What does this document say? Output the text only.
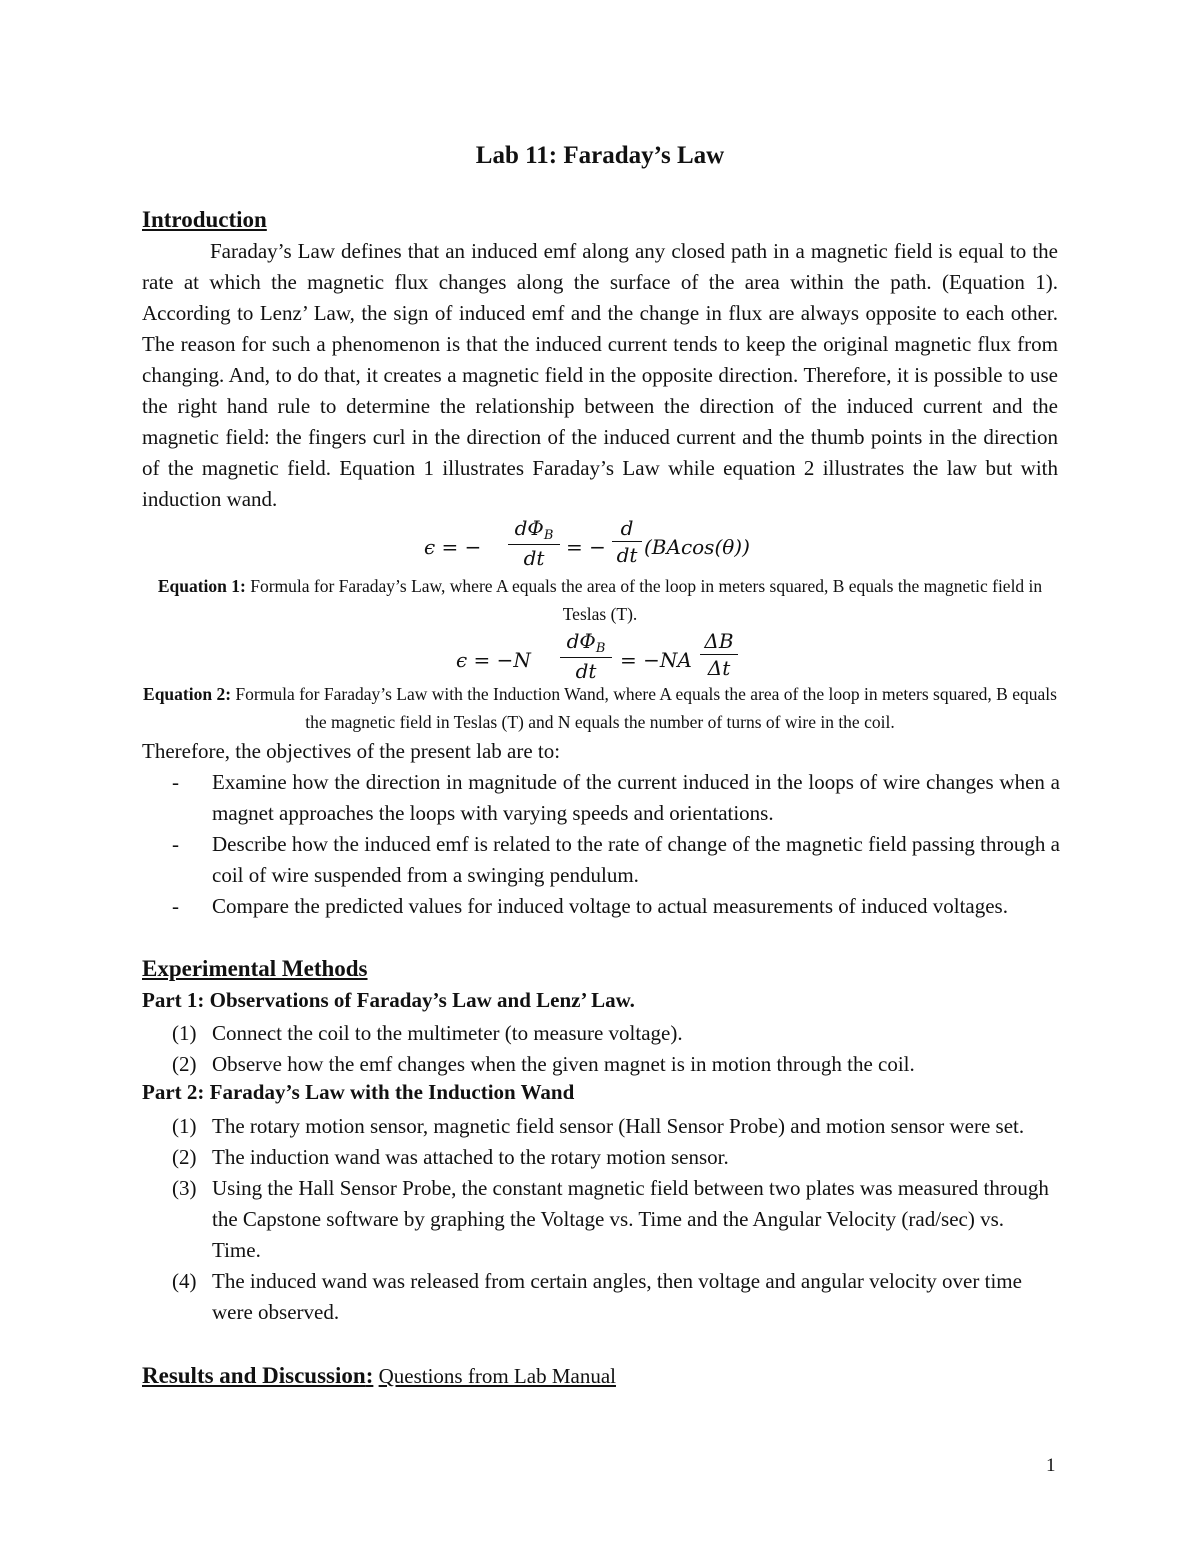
Lab 11: Faraday’s Law
Introduction
Faraday’s Law defines that an induced emf along any closed path in a magnetic field is equal to the rate at which the magnetic flux changes along the surface of the area within the path. (Equation 1). According to Lenz’ Law, the sign of induced emf and the change in flux are always opposite to each other. The reason for such a phenomenon is that the induced current tends to keep the original magnetic flux from changing. And, to do that, it creates a magnetic field in the opposite direction. Therefore, it is possible to use the right hand rule to determine the relationship between the direction of the induced current and the magnetic field: the fingers curl in the direction of the induced current and the thumb points in the direction of the magnetic field. Equation 1 illustrates Faraday’s Law while equation 2 illustrates the law but with induction wand.
ϵ = −
$d\Phi_B$
dt	= − $\frac{d}{dt} (BAcos(\theta))$
Equation 1: Formula for Faraday’s Law, where A equals the area of the loop in meters squared, B equals the magnetic field in Teslas (T).
ϵ = −N
$d\Phi_B$
dt	= $-NA \frac{\Delta B}{\Delta t}$
Equation 2: Formula for Faraday’s Law with the Induction Wand, where A equals the area of the loop in meters squared, B equals the magnetic field in Teslas (T) and N equals the number of turns of wire in the coil.
Therefore, the objectives of the present lab are to:
- Examine how the direction in magnitude of the current induced in the loops of wire changes when a magnet approaches the loops with varying speeds and orientations.
- Describe how the induced emf is related to the rate of change of the magnetic field passing through a coil of wire suspended from a swinging pendulum.
- Compare the predicted values for induced voltage to actual measurements of induced voltages.
Experimental Methods
Part 1: Observations of Faraday’s Law and Lenz’ Law.
(1) Connect the coil to the multimeter (to measure voltage).
(2) Observe how the emf changes when the given magnet is in motion through the coil.
Part 2: Faraday’s Law with the Induction Wand
(1) The rotary motion sensor, magnetic field sensor (Hall Sensor Probe) and motion sensor were set.
(2) The induction wand was attached to the rotary motion sensor.
(3) Using the Hall Sensor Probe, the constant magnetic field between two plates was measured through the Capstone software by graphing the Voltage vs. Time and the Angular Velocity (rad/sec) vs. Time.
(4) The induced wand was released from certain angles, then voltage and angular velocity over time were observed.
Results and Discussion: Questions from Lab Manual
1
